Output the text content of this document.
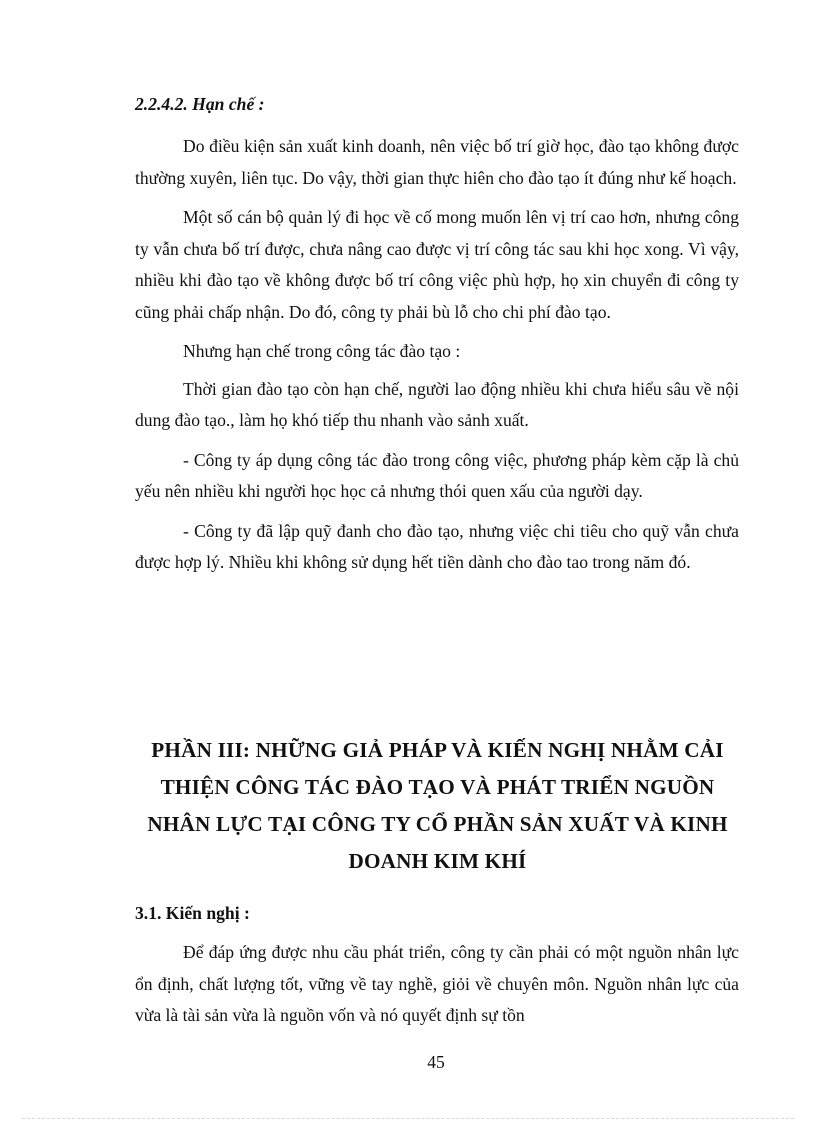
2.2.4.2. Hạn chế :

Do điều kiện sản xuất kinh doanh, nên việc bố trí giờ học, đào tạo không được thường xuyên, liên tục. Do vậy, thời gian thực hiên cho đào tạo ít đúng như kế hoạch.

Một số cán bộ quản lý đi học về cố mong muốn lên vị trí cao hơn, nhưng công ty vẫn chưa bố trí được, chưa nâng cao được vị trí công tác sau khi học xong. Vì vậy, nhiều khi đào tạo về không được bố trí công việc phù hợp, họ xin chuyển đi công ty cũng phải chấp nhận. Do đó, công ty phải bù lỗ cho chi phí đào tạo.

Nhưng hạn chế trong công tác đào tạo :

Thời gian đào tạo còn hạn chế, người lao động nhiều khi chưa hiểu sâu về nội dung đào tạo., làm họ khó tiếp thu nhanh vào sảnh xuất.

- Công ty áp dụng công tác đào trong công việc, phương pháp kèm cặp là chủ yếu nên nhiều khi người học học cả nhưng thói quen xấu của người dạy.

- Công ty đã lập quỹ đanh cho đào tạo, nhưng việc chi tiêu cho quỹ vẫn chưa được hợp lý. Nhiều khi không sử dụng hết tiền dành cho đào tao trong năm đó.

PHẦN III: NHỮNG GIẢ PHÁP VÀ KIẾN NGHỊ NHẰM CẢI THIỆN CÔNG TÁC ĐÀO TẠO VÀ PHÁT TRIỂN NGUỒN NHÂN LỰC TẠI CÔNG TY CỔ PHẦN SẢN XUẤT VÀ KINH DOANH KIM KHÍ
3.1. Kiến nghị :

Để đáp ứng được nhu cầu phát triển, công ty cần phải có một nguồn nhân lực ổn định, chất lượng tốt, vững về tay nghề, giỏi về chuyên môn. Nguồn nhân lực của vừa là tài sản vừa là nguồn vốn và nó quyết định sự tồn

45
